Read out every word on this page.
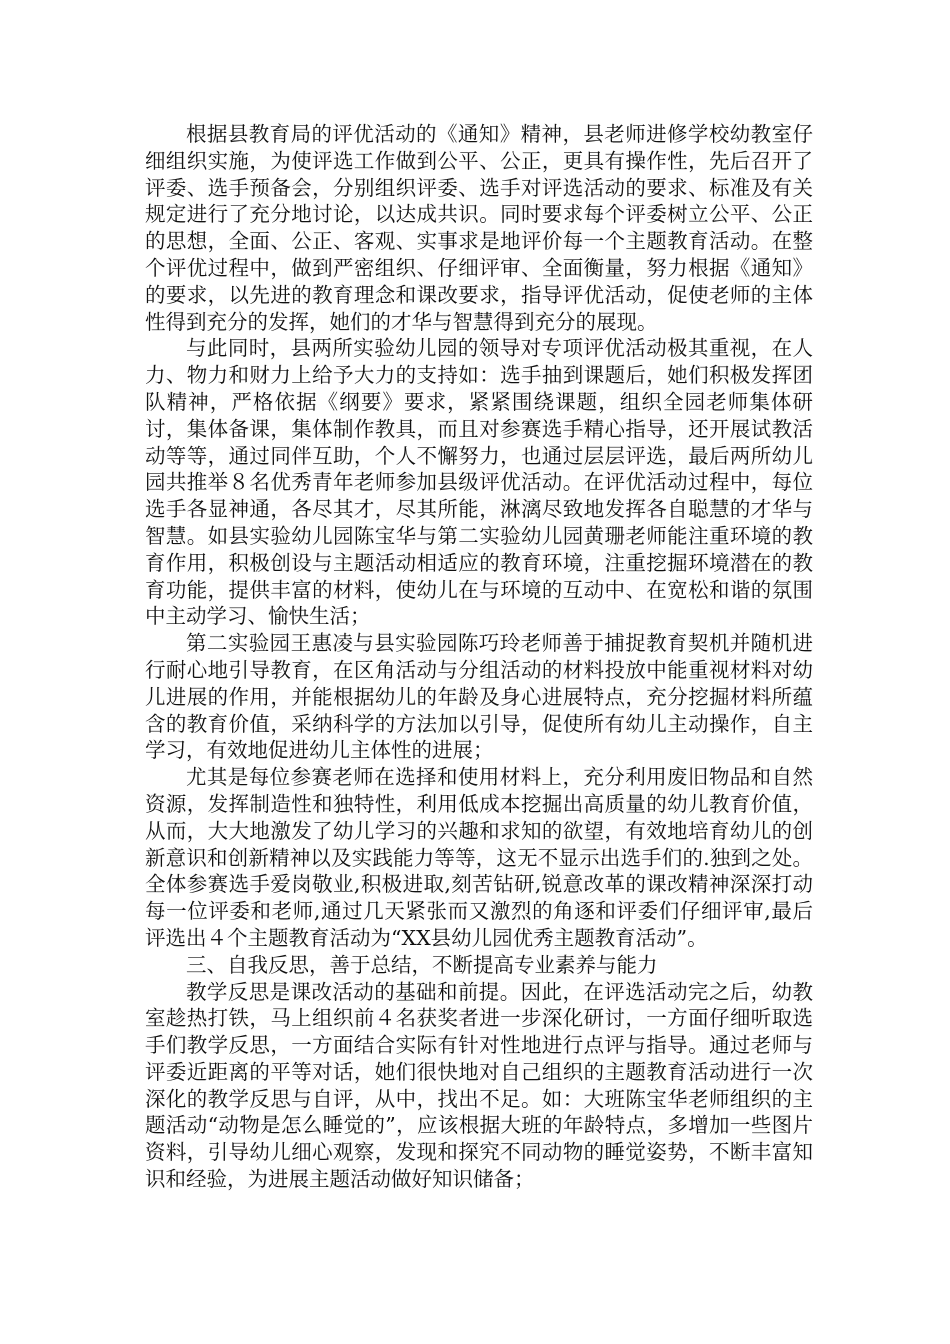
根据县教育局的评优活动的《通知》精神，县老师进修学校幼教室仔细组织实施，为使评选工作做到公平、公正，更具有操作性，先后召开了评委、选手预备会，分别组织评委、选手对评选活动的要求、标准及有关规定进行了充分地讨论，以达成共识。同时要求每个评委树立公平、公正的思想，全面、公正、客观、实事求是地评价每一个主题教育活动。在整个评优过程中，做到严密组织、仔细评审、全面衡量，努力根据《通知》的要求，以先进的教育理念和课改要求，指导评优活动，促使老师的主体性得到充分的发挥，她们的才华与智慧得到充分的展现。

与此同时，县两所实验幼儿园的领导对专项评优活动极其重视，在人力、物力和财力上给予大力的支持如：选手抽到课题后，她们积极发挥团队精神，严格依据《纲要》要求，紧紧围绕课题，组织全园老师集体研讨，集体备课，集体制作教具，而且对参赛选手精心指导，还开展试教活动等等，通过同伴互助，个人不懈努力，也通过层层评选，最后两所幼儿园共推举８名优秀青年老师参加县级评优活动。在评优活动过程中，每位选手各显神通，各尽其才，尽其所能，淋漓尽致地发挥各自聪慧的才华与智慧。如县实验幼儿园陈宝华与第二实验幼儿园黄珊老师能注重环境的教育作用，积极创设与主题活动相适应的教育环境，注重挖掘环境潜在的教育功能，提供丰富的材料，使幼儿在与环境的互动中、在宽松和谐的氛围中主动学习、愉快生活；

第二实验园王惠凌与县实验园陈巧玲老师善于捕捉教育契机并随机进行耐心地引导教育，在区角活动与分组活动的材料投放中能重视材料对幼儿进展的作用，并能根据幼儿的年龄及身心进展特点，充分挖掘材料所蕴含的教育价值，采纳科学的方法加以引导，促使所有幼儿主动操作，自主学习，有效地促进幼儿主体性的进展；

尤其是每位参赛老师在选择和使用材料上，充分利用废旧物品和自然资源，发挥制造性和独特性，利用低成本挖掘出高质量的幼儿教育价值，从而，大大地激发了幼儿学习的兴趣和求知的欲望，有效地培育幼儿的创新意识和创新精神以及实践能力等等，这无不显示出选手们的.独到之处。全体参赛选手爱岗敬业,积极进取,刻苦钻研,锐意改革的课改精神深深打动每一位评委和老师,通过几天紧张而又激烈的角逐和评委们仔细评审,最后评选出４个主题教育活动为“XX县幼儿园优秀主题教育活动”。

三、自我反思，善于总结，不断提高专业素养与能力

教学反思是课改活动的基础和前提。因此，在评选活动完之后，幼教室趁热打铁，马上组织前４名获奖者进一步深化研讨，一方面仔细听取选手们教学反思，一方面结合实际有针对性地进行点评与指导。通过老师与评委近距离的平等对话，她们很快地对自己组织的主题教育活动进行一次深化的教学反思与自评，从中，找出不足。如：大班陈宝华老师组织的主题活动“动物是怎么睡觉的”，应该根据大班的年龄特点，多增加一些图片资料，引导幼儿细心观察，发现和探究不同动物的睡觉姿势，不断丰富知识和经验，为进展主题活动做好知识储备；
